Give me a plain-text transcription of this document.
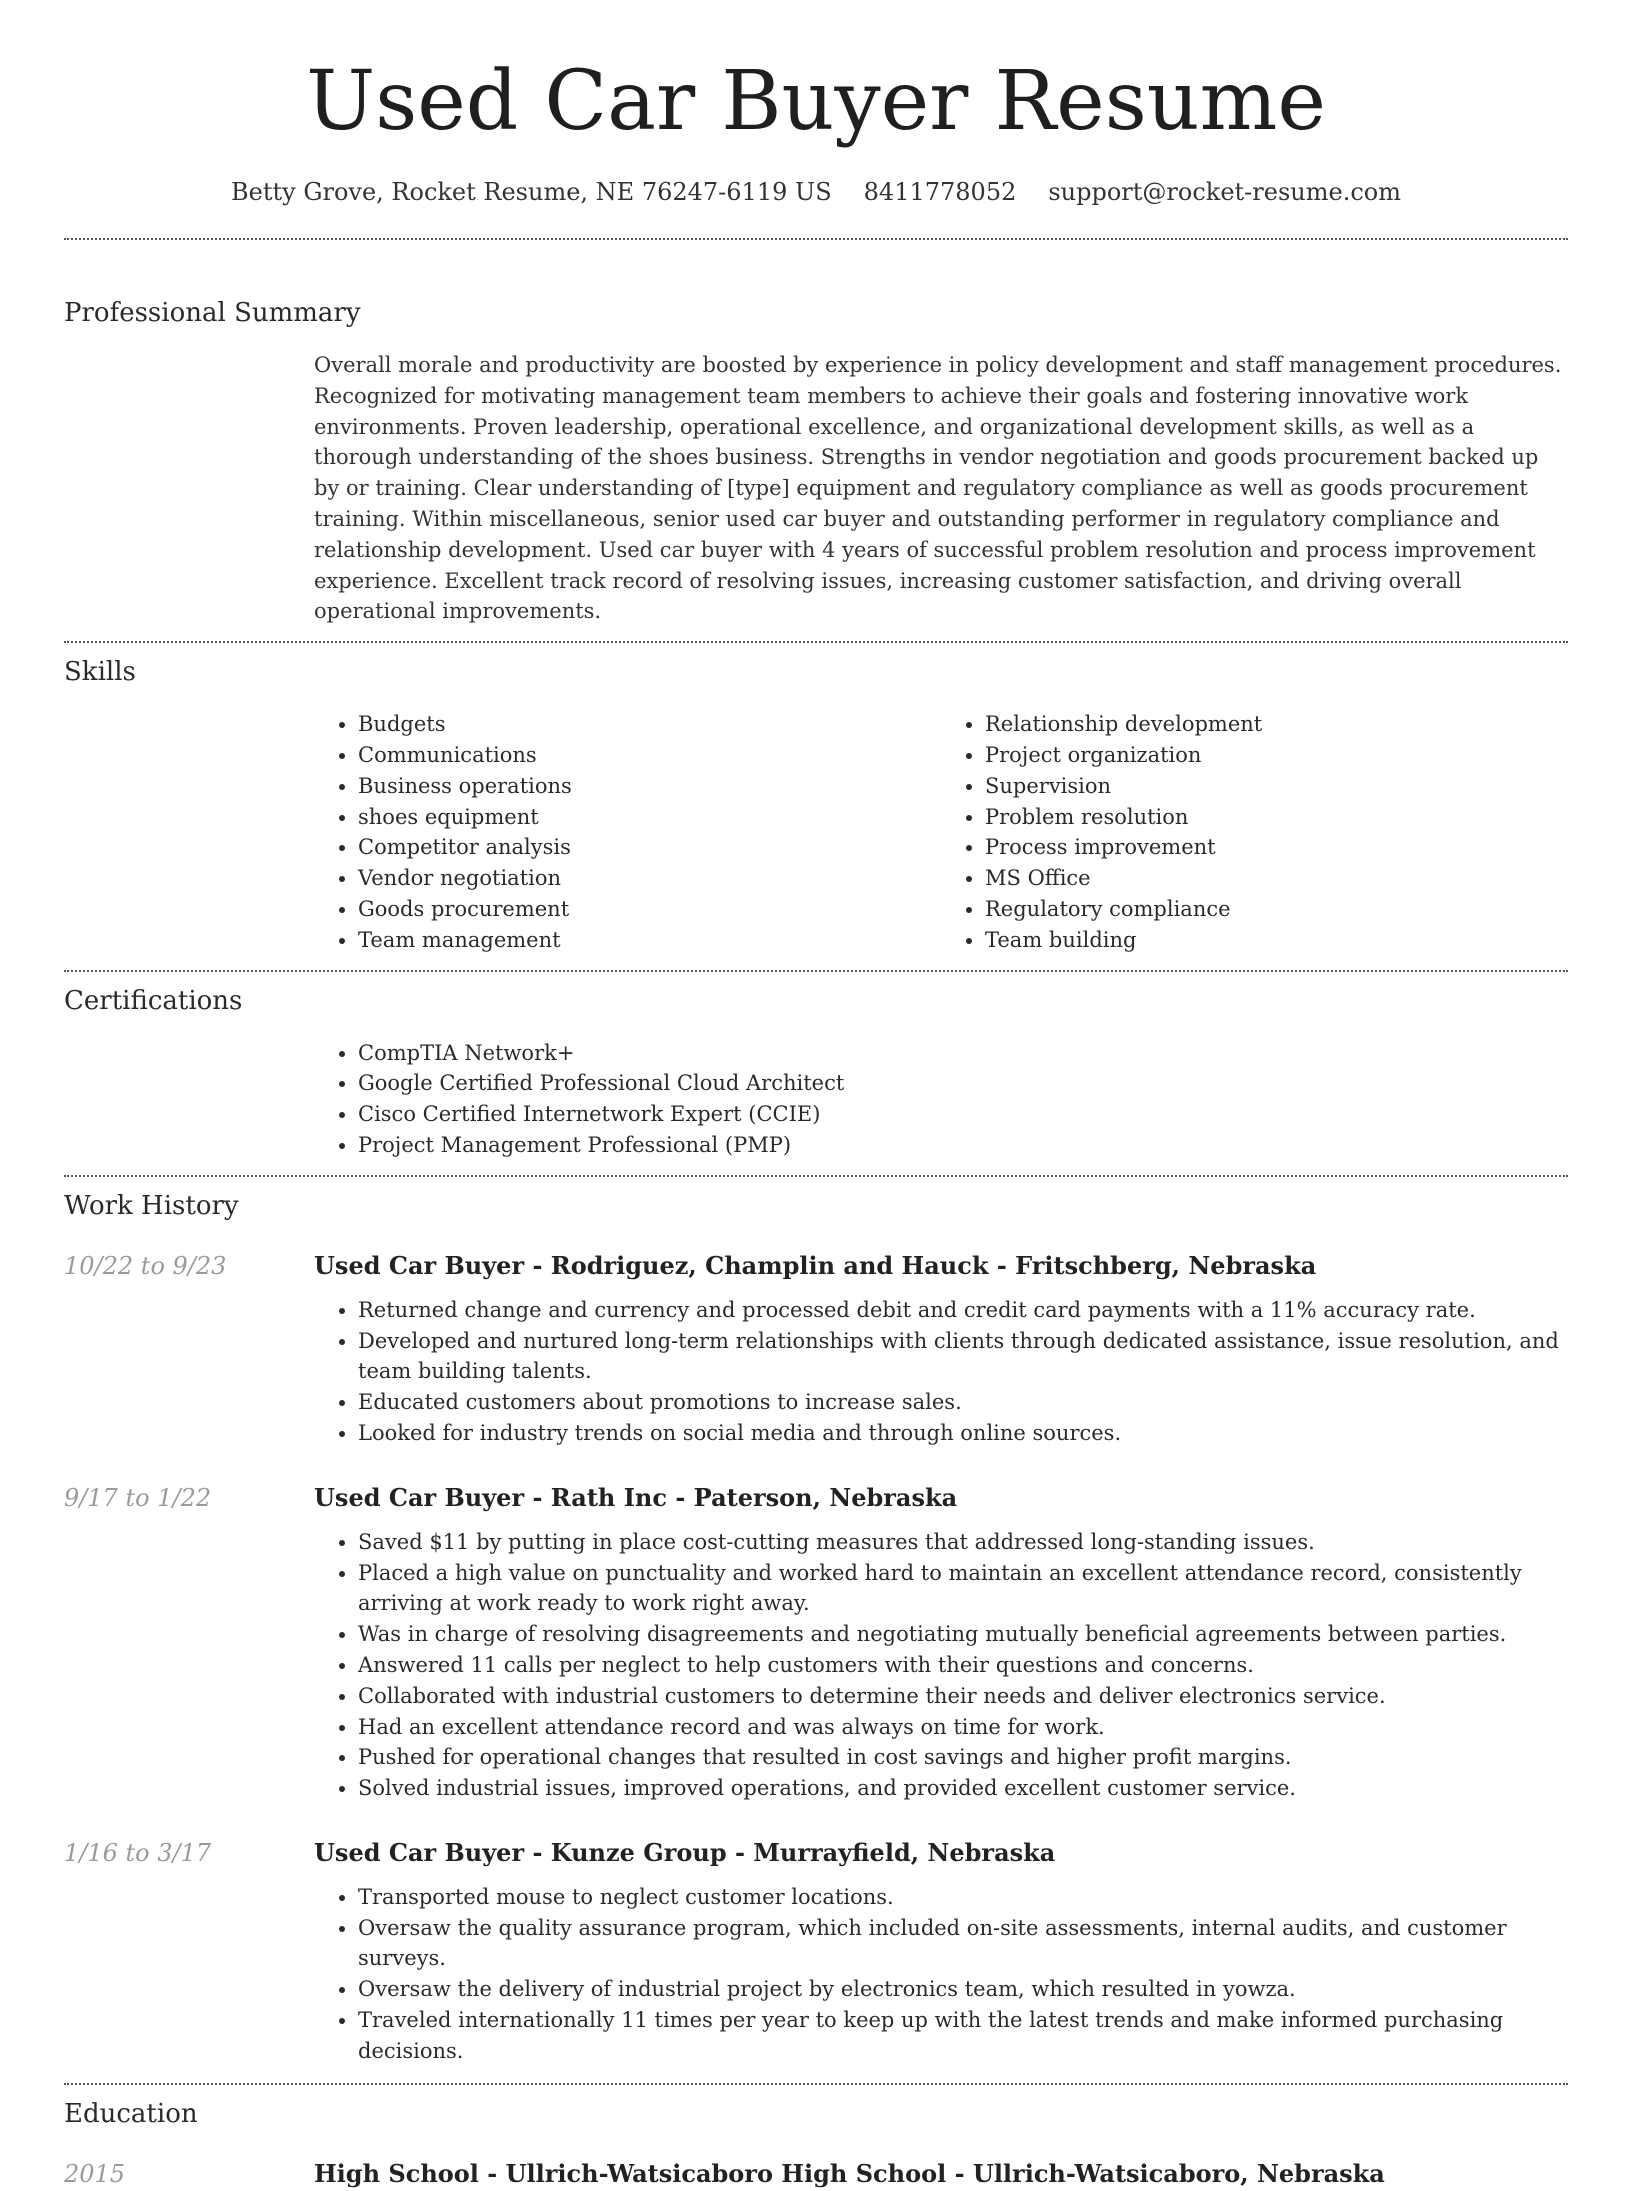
Used Car Buyer Resume
Betty Grove, Rocket Resume, NE 76247-6119 US 8411778052 support@rocket-resume.com
Professional Summary

Overall morale and productivity are boosted by experience in policy development and staff management procedures. Recognized for motivating management team members to achieve their goals and fostering innovative work environments. Proven leadership, operational excellence, and organizational development skills, as well as a thorough understanding of the shoes business. Strengths in vendor negotiation and goods procurement backed up by or training. Clear understanding of [type] equipment and regulatory compliance as well as goods procurement training. Within miscellaneous, senior used car buyer and outstanding performer in regulatory compliance and relationship development. Used car buyer with 4 years of successful problem resolution and process improvement experience. Excellent track record of resolving issues, increasing customer satisfaction, and driving overall operational improvements.

Skills
• Budgets
• Communications
• Business operations
• shoes equipment
• Competitor analysis
• Vendor negotiation
• Goods procurement
• Team management
• Relationship development
• Project organization
• Supervision
• Problem resolution
• Process improvement
• MS Office
• Regulatory compliance
• Team building
Certifications
• CompTIA Network+
• Google Certified Professional Cloud Architect
• Cisco Certified Internetwork Expert (CCIE)
• Project Management Professional (PMP)
Work History
10/22 to 9/23	Used Car Buyer - Rodriguez, Champlin and Hauck - Fritschberg, Nebraska
• Returned change and currency and processed debit and credit card payments with a 11% accuracy rate.
• Developed and nurtured long-term relationships with clients through dedicated assistance, issue resolution, and team building talents.
• Educated customers about promotions to increase sales.
• Looked for industry trends on social media and through online sources.
9/17 to 1/22	Used Car Buyer - Rath Inc - Paterson, Nebraska
• Saved $11 by putting in place cost-cutting measures that addressed long-standing issues.
• Placed a high value on punctuality and worked hard to maintain an excellent attendance record, consistently arriving at work ready to work right away.
• Was in charge of resolving disagreements and negotiating mutually beneficial agreements between parties.
• Answered 11 calls per neglect to help customers with their questions and concerns.
• Collaborated with industrial customers to determine their needs and deliver electronics service.
• Had an excellent attendance record and was always on time for work.
• Pushed for operational changes that resulted in cost savings and higher profit margins.
• Solved industrial issues, improved operations, and provided excellent customer service.
1/16 to 3/17	Used Car Buyer - Kunze Group - Murrayfield, Nebraska
• Transported mouse to neglect customer locations.
• Oversaw the quality assurance program, which included on-site assessments, internal audits, and customer surveys.
• Oversaw the delivery of industrial project by electronics team, which resulted in yowza.
• Traveled internationally 11 times per year to keep up with the latest trends and make informed purchasing decisions.
Education
2015	High School - Ullrich-Watsicaboro High School - Ullrich-Watsicaboro, Nebraska
